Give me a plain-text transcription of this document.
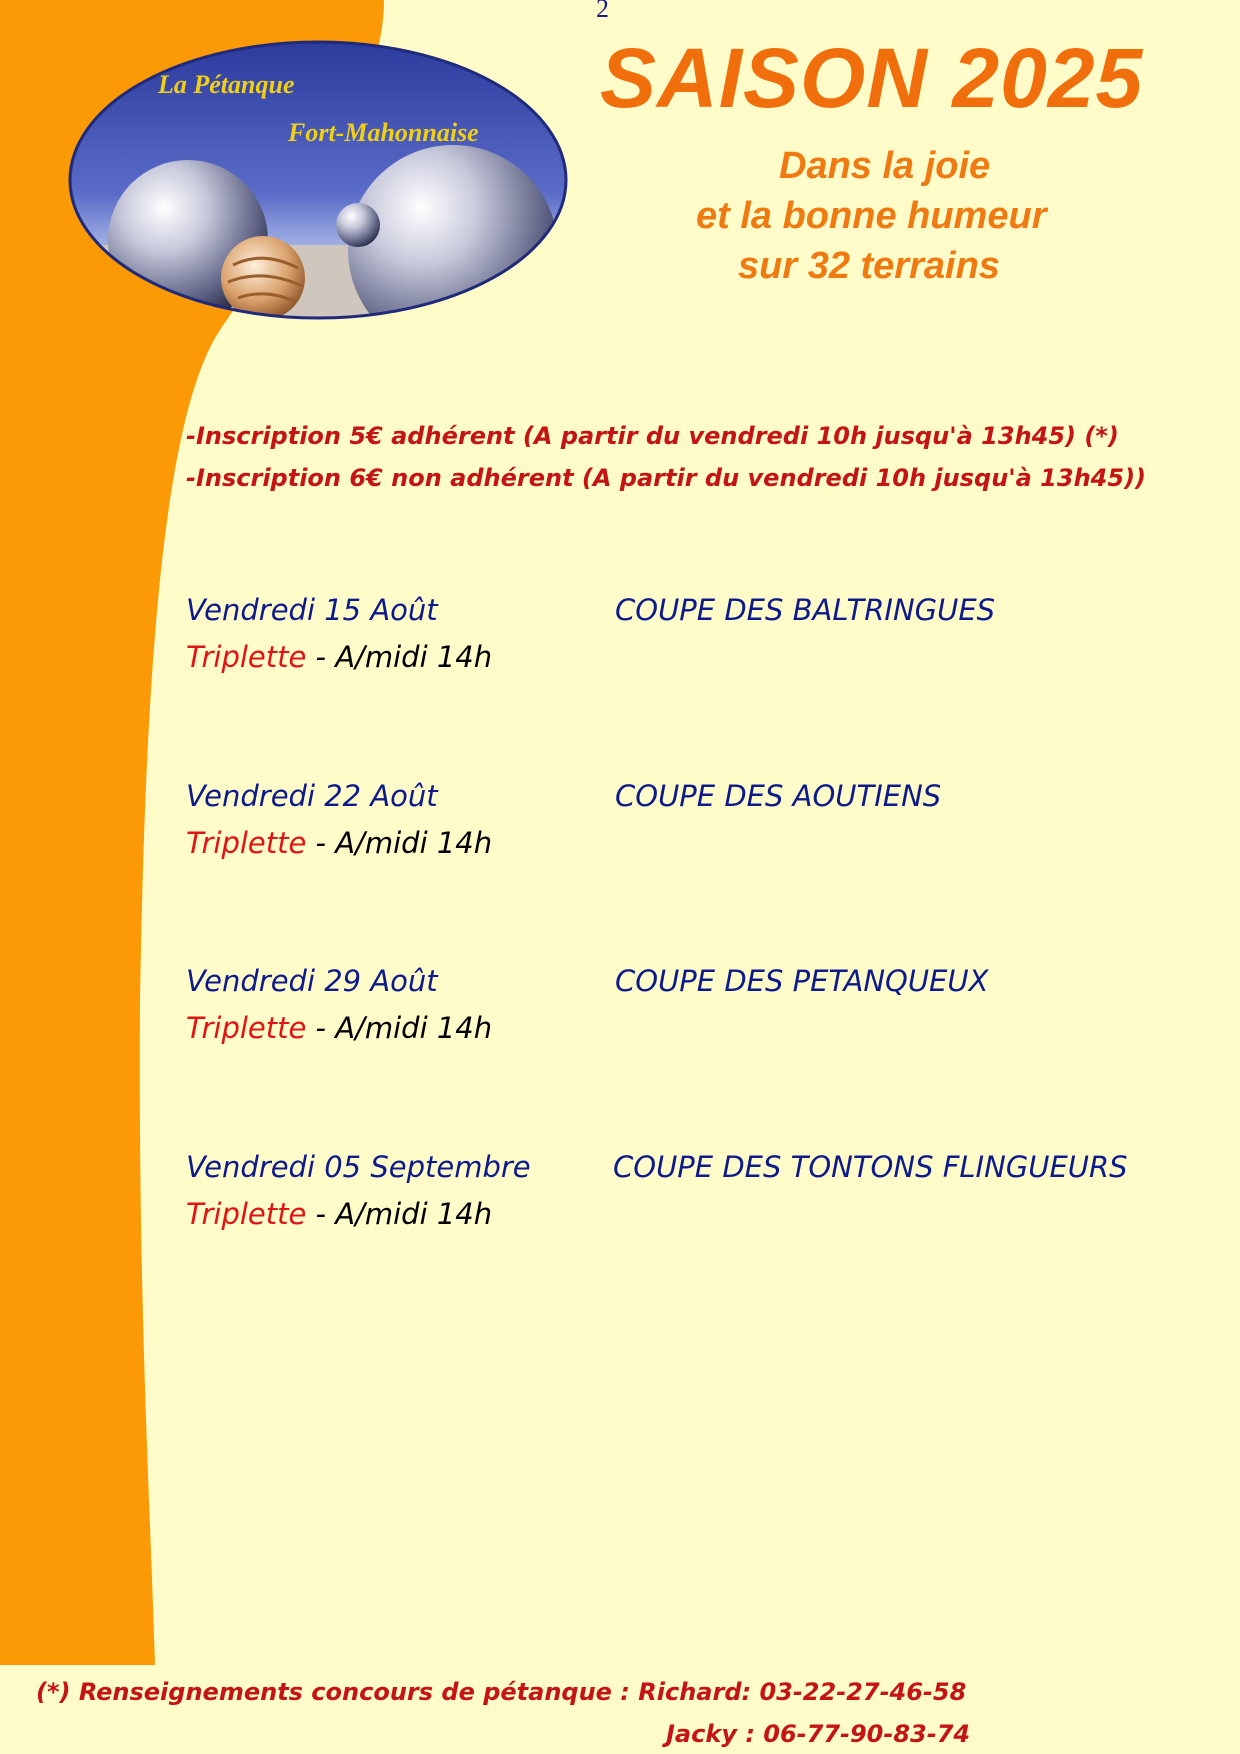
2
SAISON 2025
Dans la joie
et la bonne humeur
sur 32 terrains
La Pétanque
Fort-Mahonnaise
-Inscription 5€ adhérent (A partir du vendredi 10h jusqu'à 13h45) (*)
-Inscription 6€ non adhérent (A partir du vendredi 10h jusqu'à 13h45))
Vendredi 15 Août	COUPE DES BALTRINGUES
Triplette - A/midi 14h
Vendredi 22 Août	COUPE DES AOUTIENS
Triplette - A/midi 14h
Vendredi 29 Août	COUPE DES PETANQUEUX
Triplette - A/midi 14h
Vendredi 05 Septembre	COUPE DES TONTONS FLINGUEURS
Triplette - A/midi 14h
(*) Renseignements concours de pétanque : Richard: 03-22-27-46-58
Jacky : 06-77-90-83-74
